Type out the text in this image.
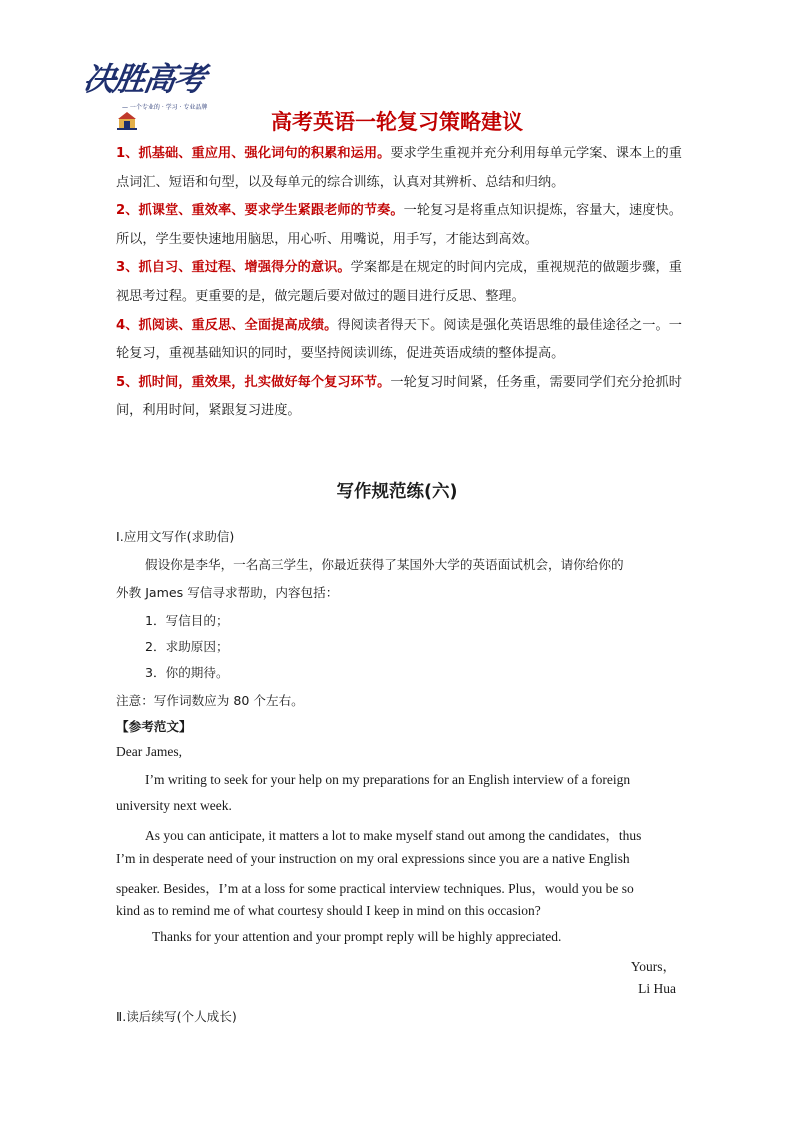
决胜高考
— 一个专业的 · 学习 · 专业品牌
高考英语一轮复习策略建议

1、抓基础、重应用、强化词句的积累和运用。要求学生重视并充分利用每单元学案、课本上的重点词汇、短语和句型，以及每单元的综合训练，认真对其辨析、总结和归纳。

2、抓课堂、重效率、要求学生紧跟老师的节奏。一轮复习是将重点知识提炼，容量大，速度快。所以，学生要快速地用脑思，用心听、用嘴说，用手写，才能达到高效。

3、抓自习、重过程、增强得分的意识。学案都是在规定的时间内完成，重视规范的做题步骤，重视思考过程。更重要的是，做完题后要对做过的题目进行反思、整理。

4、抓阅读、重反思、全面提高成绩。得阅读者得天下。阅读是强化英语思维的最佳途径之一。一轮复习，重视基础知识的同时，要坚持阅读训练，促进英语成绩的整体提高。

5、抓时间，重效果，扎实做好每个复习环节。一轮复习时间紧，任务重，需要同学们充分抢抓时间，利用时间，紧跟复习进度。

写作规范练(六)
Ⅰ.应用文写作(求助信)
假设你是李华，一名高三学生，你最近获得了某国外大学的英语面试机会，请你给你的
外教 James 写信寻求帮助，内容包括：
1．写信目的；
2．求助原因；
3．你的期待。
注意：写作词数应为 80 个左右。
【参考范文】
Dear James,
I’m writing to seek for your help on my preparations for an English interview of a foreign
university next week.
As you can anticipate, it matters a lot to make myself stand out among the candidates，thus
I’m in desperate need of your instruction on my oral expressions since you are a native English
speaker. Besides，I’m at a loss for some practical interview techniques. Plus，would you be so
kind as to remind me of what courtesy should I keep in mind on this occasion?
Thanks for your attention and your prompt reply will be highly appreciated.
Yours，
Li Hua
Ⅱ.读后续写(个人成长)
